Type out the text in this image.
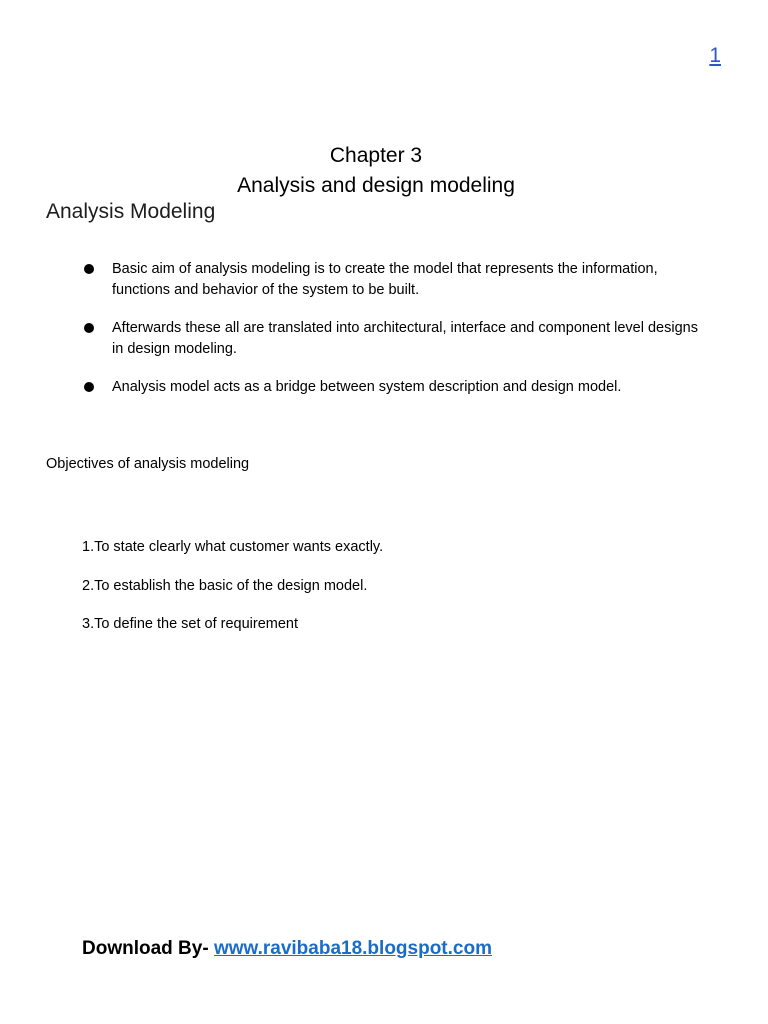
1
Chapter 3
Analysis and design modeling
Analysis Modeling
Basic aim of analysis modeling is to create the model that represents the information, functions and behavior of the system to be built.
Afterwards these all are translated into architectural, interface and component level designs in design modeling.
Analysis model acts as a bridge between system description and design model.
Objectives of analysis modeling
1.To state clearly what customer wants exactly.
2.To establish the basic of the design model.
3.To define the set of requirement
Download By- www.ravibaba18.blogspot.com
